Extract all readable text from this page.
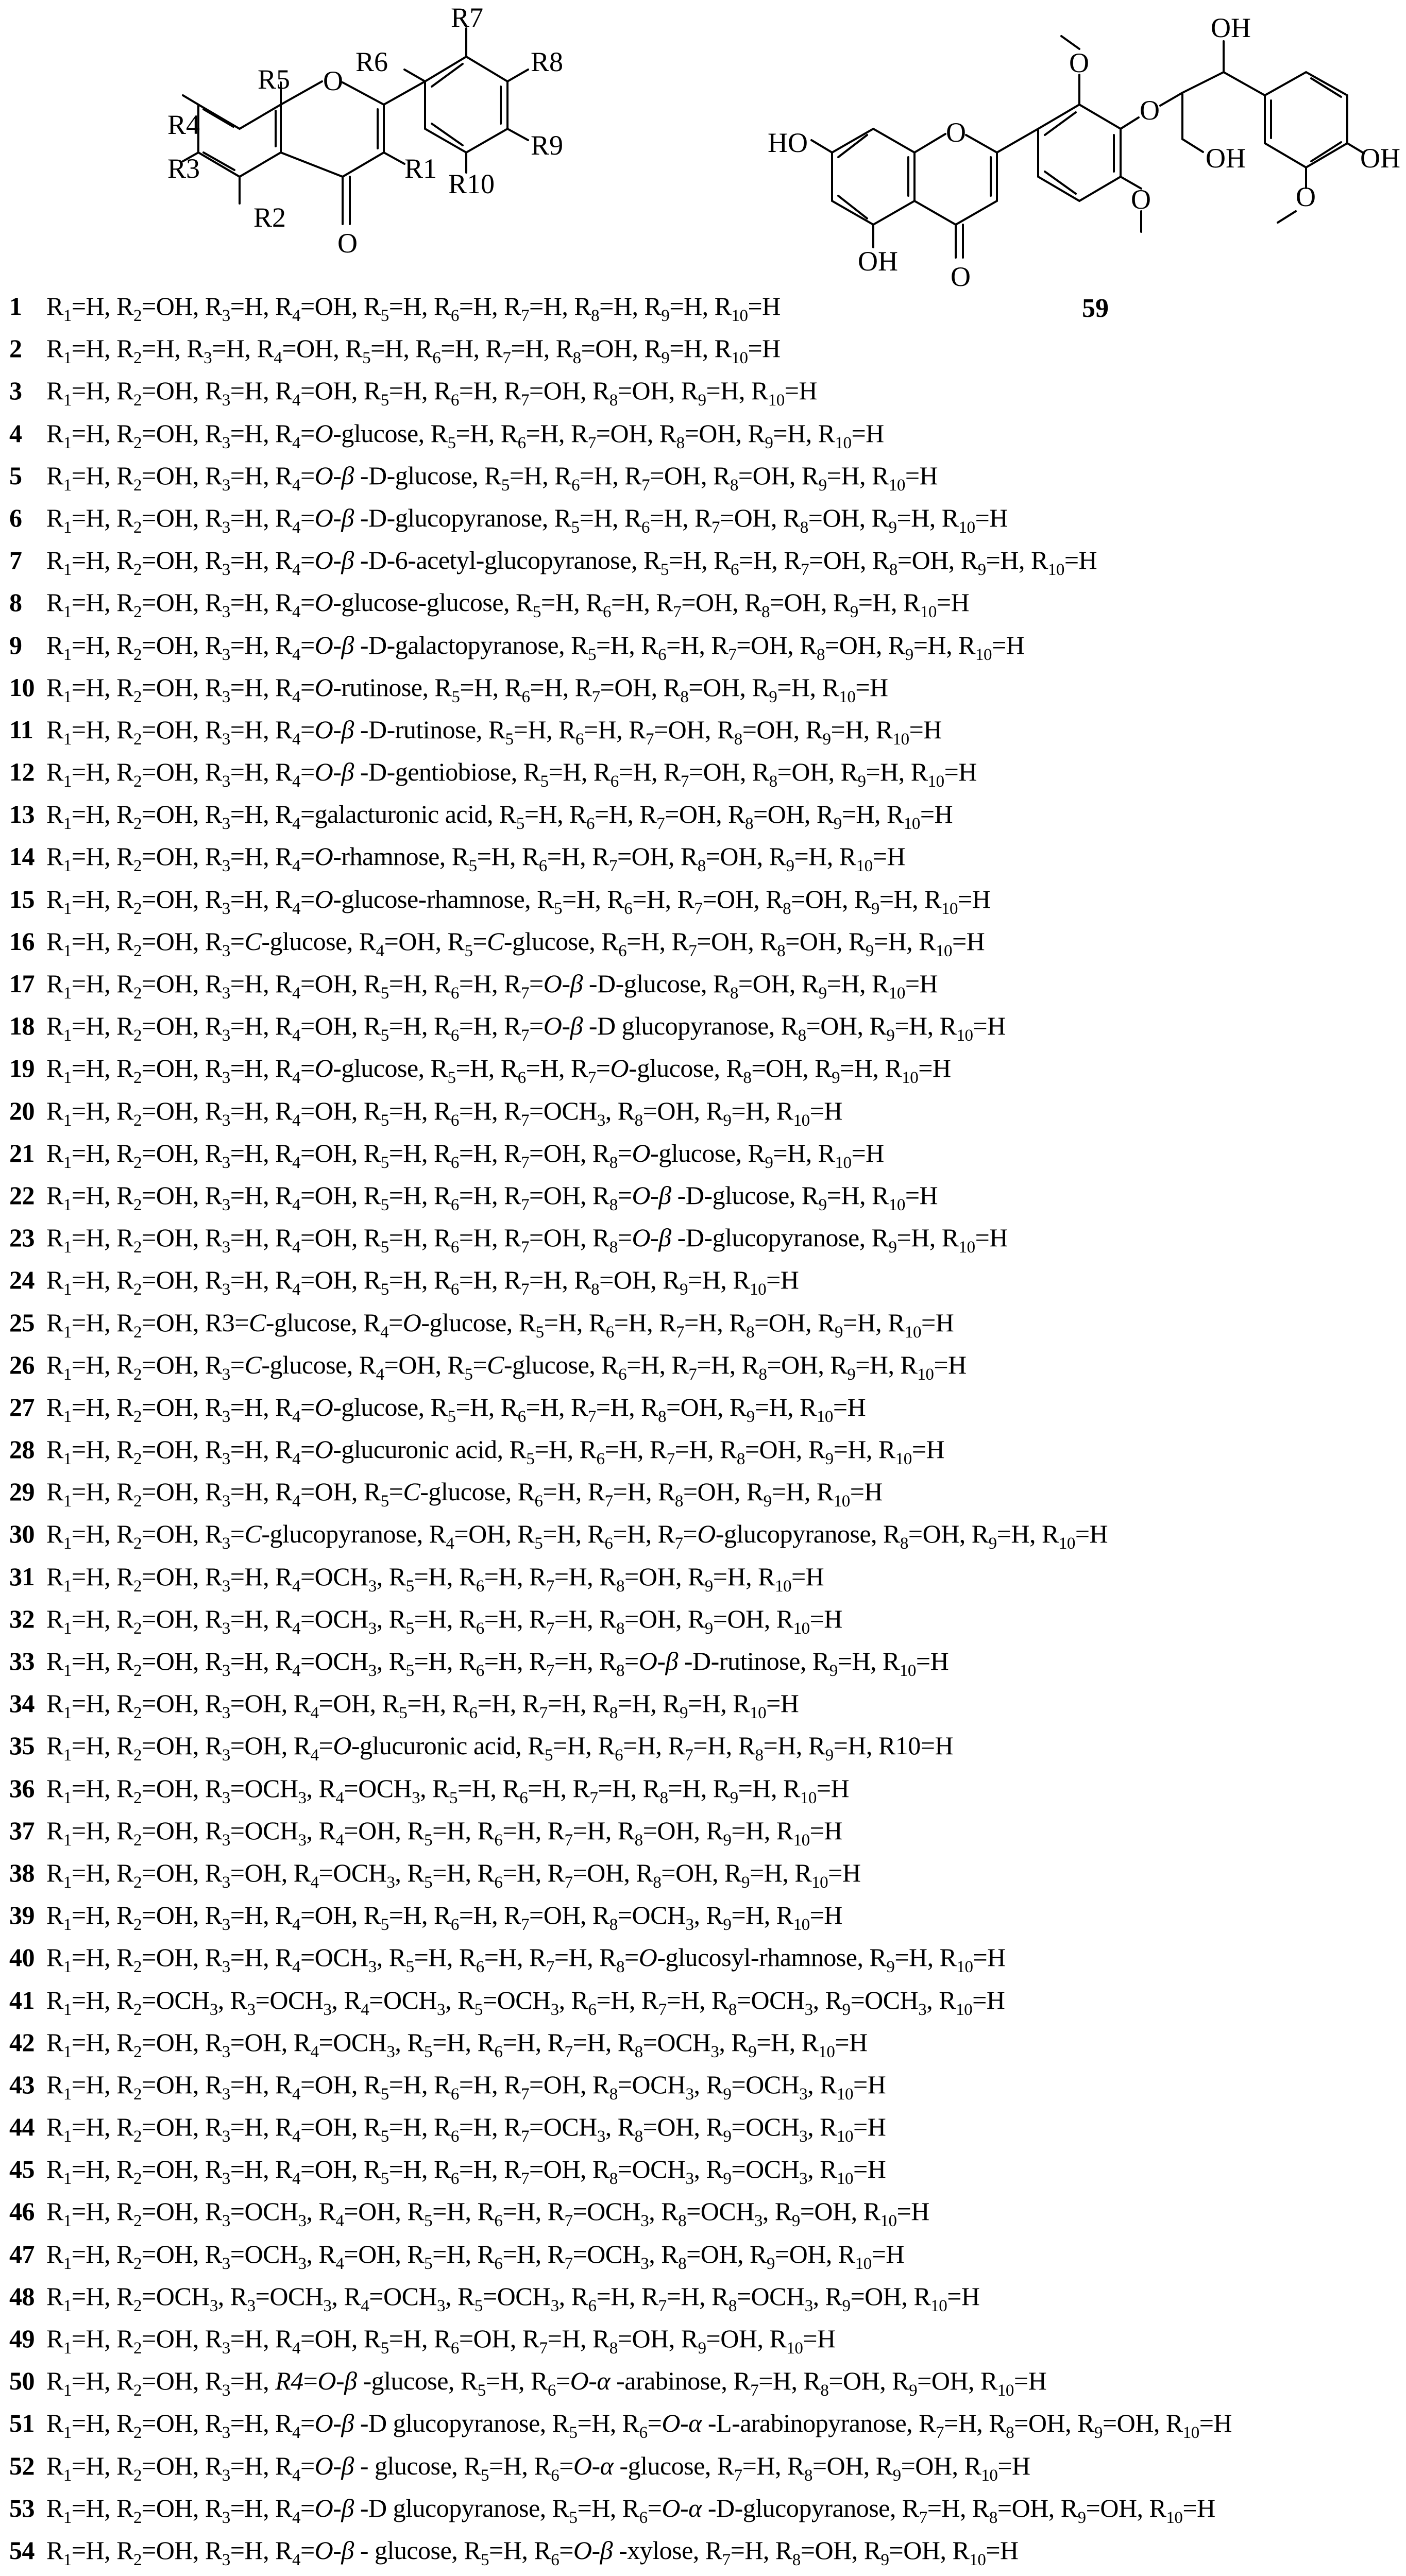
R7
R6	R8
R5
R4
O
R9
R10
R3	R1
R2
O
O
OH
O
HO	O
OH	OH
O
OH O
O
59
1 $R_1=H$, $R_2=OH$, $R_3=H$, $R_4=OH$, $R_5=H$, $R_6=H$, $R_7=H$, $R_8=H$, $R_9=H$, $R_{10}=H$
2 $R_1=H$, $R_2=H$, $R_3=H$, $R_4=OH$, $R_5=H$, $R_6=H$, $R_7=H$, $R_8=OH$, $R_9=H$, $R_{10}=H$
3 $R_1=H$, $R_2=OH$, $R_3=H$, $R_4=OH$, $R_5=H$, $R_6=H$, $R_7=OH$, $R_8=OH$, $R_9=H$, $R_{10}=H$
4 $R_1=H$, $R_2=OH$, $R_3=H$, $R_4=O$-glucose, $R_5=H$, $R_6=H$, $R_7=OH$, $R_8=OH$, $R_9=H$, $R_{10}=H$
5 $R_1=H$, $R_2=OH$, $R_3=H$, $R_4=O-\beta$ -D-glucose, $R_5=H$, $R_6=H$, $R_7=OH$, $R_8=OH$, $R_9=H$, $R_{10}=H$
6 $R_1=H$, $R_2=OH$, $R_3=H$, $R_4=O-\beta$ -D-glucopyranose, $R_5=H$, $R_6=H$, $R_7=OH$, $R_8=OH$, $R_9=H$, $R_{10}=H$
7 $R_1=H$, $R_2=OH$, $R_3=H$, $R_4=O-\beta$ -D-6-acetyl-glucopyranose, $R_5=H$, $R_6=H$, $R_7=OH$, $R_8=OH$, $R_9=H$, $R_{10}=H$
8 $R_1=H$, $R_2=OH$, $R_3=H$, $R_4=O-glucose$-glucose, $R_5=H$, $R_6=H$, $R_7=OH$, $R_8=OH$, $R_9=H$, $R_{10}=H$
9 $R_1=H$, $R_2=OH$, $R_3=H$, $R_4=O-\beta$ -D-galactopyranose, $R_5=H$, $R_6=H$, $R_7=OH$, $R_8=OH$, $R_9=H$, $R_{10}=H$
10 $R_1=H$, $R_2=OH$, $R_3=H$, $R_4=O$-rutinose, $R_5=H$, $R_6=H$, $R_7=OH$, $R_8=OH$, $R_9=H$, $R_{10}=H$
11 $R_1=H$, $R_2=OH$, $R_3=H$, $R_4=O-\beta$ -D-rutinose, $R_5=H$, $R_6=H$, $R_7=OH$, $R_8=OH$, $R_9=H$, $R_{10}=H$
12 $R_1=H$, $R_2=OH$, $R_3=H$, $R_4=O-\beta$ -D-gentiobiose, $R_5=H$, $R_6=H$, $R_7=OH$, $R_8=OH$, $R_9=H$, $R_{10}=H$
13 $R_1=H$, $R_2=OH$, $R_3=H$, $R_4=galacturonic$ acid, $R_5=H$, $R_6=H$, $R_7=OH$, $R_8=OH$, $R_9=H$, $R_{10}=H$
14 $R_1=H$, $R_2=OH$, $R_3=H$, $R_4=O$-rhamnose, $R_5=H$, $R_6=H$, $R_7=OH$, $R_8=OH$, $R_9=H$, $R_{10}=H$
15 $R_1=H$, $R_2=OH$, $R_3=H$, $R_4=O-glucose$-rhamnose, $R_5=H$, $R_6=H$, $R_7=OH$, $R_8=OH$, $R_9=H$, $R_{10}=H$
16 $R_1=H$, $R_2=OH$, $R_3=C$-glucose, $R_4=OH$, $R_5=C$-glucose, $R_6=H$, $R_7=OH$, $R_8=OH$, $R_9=H$, $R_{10}=H$
17 $R_1=H$, $R_2=OH$, $R_3=H$, $R_4=OH$, $R_5=H$, $R_6=H$, $R_7=O-\beta$ -D-glucose, $R_8=OH$, $R_9=H$, $R_{10}=H$
18 $R_1=H$, $R_2=OH$, $R_3=H$, $R_4=OH$, $R_5=H$, $R_6=H$, $R_7=O-\beta$ -D glucopyranose, $R_8=OH$, $R_9=H$, $R_{10}=H$
19 $R_1=H$, $R_2=OH$, $R_3=H$, $R_4=O$-glucose, $R_5=H$, $R_6=H$, $R_7=O$-glucose, $R_8=OH$, $R_9=H$, $R_{10}=H$
20 $R_1=H$, $R_2=OH$, $R_3=H$, $R_4=OH$, $R_5=H$, $R_6=H$, $R_7=OCH_3$, $R_8=OH$, $R_9=H$, $R_{10}=H$
21 $R_1=H$, $R_2=OH$, $R_3=H$, $R_4=OH$, $R_5=H$, $R_6=H$, $R_7=OH$, $R_8=O$-glucose, $R_9=H$, $R_{10}=H$
22 $R_1=H$, $R_2=OH$, $R_3=H$, $R_4=OH$, $R_5=H$, $R_6=H$, $R_7=OH$, $R_8=O-\beta$ -D-glucose, $R_9=H$, $R_{10}=H$
23 $R_1=H$, $R_2=OH$, $R_3=H$, $R_4=OH$, $R_5=H$, $R_6=H$, $R_7=OH$, $R_8=O-\beta$ -D-glucopyranose, $R_9=H$, $R_{10}=H$
24 $R_1=H$, $R_2=OH$, $R_3=H$, $R_4=OH$, $R_5=H$, $R_6=H$, $R_7=H$, $R_8=OH$, $R_9=H$, $R_{10}=H$
25 $R_1=H$, $R_2=OH$, R3=C-glucose, $R_4=O$-glucose, $R_5=H$, $R_6=H$, $R_7=H$, $R_8=OH$, $R_9=H$, $R_{10}=H$
26 $R_1=H$, $R_2=OH$, $R_3=C$-glucose, $R_4=OH$, $R_5=C$-glucose, $R_6=H$, $R_7=H$, $R_8=OH$, $R_9=H$, $R_{10}=H$
27 $R_1=H$, $R_2=OH$, $R_3=H$, $R_4=O$-glucose, $R_5=H$, $R_6=H$, $R_7=H$, $R_8=OH$, $R_9=H$, $R_{10}=H$
28 $R_1=H$, $R_2=OH$, $R_3=H$, $R_4=O$-glucuronic acid, $R_5=H$, $R_6=H$, $R_7=H$, $R_8=OH$, $R_9=H$, $R_{10}=H$
29 $R_1=H$, $R_2=OH$, $R_3=H$, $R_4=OH$, $R_5=C$-glucose, $R_6=H$, $R_7=H$, $R_8=OH$, $R_9=H$, $R_{10}=H$
30 $R_1=H$, $R_2=OH$, $R_3=C$-glucopyranose, $R_4=OH$, $R_5=H$, $R_6=H$, $R_7=O$-glucopyranose, $R_8=OH$, $R_9=H$, $R_{10}=H$
31 $R_1=H$, $R_2=OH$, $R_3=H$, $R_4=OCH_3$, $R_5=H$, $R_6=H$, $R_7=H$, $R_8=OH$, $R_9=H$, $R_{10}=H$
32 $R_1=H$, $R_2=OH$, $R_3=H$, $R_4=OCH_3$, $R_5=H$, $R_6=H$, $R_7=H$, $R_8=OH$, $R_9=OH$, $R_{10}=H$
33 $R_1=H$, $R_2=OH$, $R_3=H$, $R_4=OCH_3$, $R_5=H$, $R_6=H$, $R_7=H$, $R_8=O-\beta$ -D-rutinose, $R_9=H$, $R_{10}=H$
34 $R_1=H$, $R_2=OH$, $R_3=OH$, $R_4=OH$, $R_5=H$, $R_6=H$, $R_7=H$, $R_8=H$, $R_9=H$, $R_{10}=H$
35 $R_1=H$, $R_2=OH$, $R_3=OH$, $R_4=O$-glucuronic acid, $R_5=H$, $R_6=H$, $R_7=H$, $R_8=H$, $R_9=H$, R10=H
36 $R_1=H$, $R_2=OH$, $R_3=OCH_3$, $R_4=OCH_3$, $R_5=H$, $R_6=H$, $R_7=H$, $R_8=H$, $R_9=H$, $R_{10}=H$
37 $R_1=H$, $R_2=OH$, $R_3=OCH_3$, $R_4=OH$, $R_5=H$, $R_6=H$, $R_7=H$, $R_8=OH$, $R_9=H$, $R_{10}=H$
38 $R_1=H$, $R_2=OH$, $R_3=OH$, $R_4=OCH_3$, $R_5=H$, $R_6=H$, $R_7=OH$, $R_8=OH$, $R_9=H$, $R_{10}=H$
39 $R_1=H$, $R_2=OH$, $R_3=H$, $R_4=OH$, $R_5=H$, $R_6=H$, $R_7=OH$, $R_8=OCH_3$, $R_9=H$, $R_{10}=H$
40 $R_1=H$, $R_2=OH$, $R_3=H$, $R_4=OCH_3$, $R_5=H$, $R_6=H$, $R_7=H$, $R_8=O-glucosyl$-rhamnose, $R_9=H$, $R_{10}=H$
41 $R_1=H$, $R_2=OCH_3$, $R_3=OCH_3$, $R_4=OCH_3$, $R_5=OCH_3$, $R_6=H$, $R_7=H$, $R_8=OCH_3$, $R_9=OCH_3$, $R_{10}=H$
42 $R_1=H$, $R_2=OH$, $R_3=OH$, $R_4=OCH_3$, $R_5=H$, $R_6=H$, $R_7=H$, $R_8=OCH_3$, $R_9=H$, $R_{10}=H$
43 $R_1=H$, $R_2=OH$, $R_3=H$, $R_4=OH$, $R_5=H$, $R_6=H$, $R_7=OH$, $R_8=OCH_3$, $R_9=OCH_3$, $R_{10}=H$
44 $R_1=H$, $R_2=OH$, $R_3=H$, $R_4=OH$, $R_5=H$, $R_6=H$, $R_7=OCH_3$, $R_8=OH$, $R_9=OCH_3$, $R_{10}=H$
45 $R_1=H$, $R_2=OH$, $R_3=H$, $R_4=OH$, $R_5=H$, $R_6=H$, $R_7=OH$, $R_8=OCH_3$, $R_9=OCH_3$, $R_{10}=H$
46 $R_1=H$, $R_2=OH$, $R_3=OCH_3$, $R_4=OH$, $R_5=H$, $R_6=H$, $R_7=OCH_3$, $R_8=OCH_3$, $R_9=OH$, $R_{10}=H$
47 $R_1=H$, $R_2=OH$, $R_3=OCH_3$, $R_4=OH$, $R_5=H$, $R_6=H$, $R_7=OCH_3$, $R_8=OH$, $R_9=OH$, $R_{10}=H$
48 $R_1=H$, $R_2=OCH_3$, $R_3=OCH_3$, $R_4=OCH_3$, $R_5=OCH_3$, $R_6=H$, $R_7=H$, $R_8=OCH_3$, $R_9=OH$, $R_{10}=H$
49 $R_1=H$, $R_2=OH$, $R_3=H$, $R_4=OH$, $R_5=H$, $R_6=OH$, $R_7=H$, $R_8=OH$, $R_9=OH$, $R_{10}=H$
50 $R_1=H$, $R_2=OH$, $R_3=H$, R4=O-β -glucose, $R_5=H$, $R_6=O-\alpha$ -arabinose, $R_7=H$, $R_8=OH$, $R_9=OH$, $R_{10}=H$
51 $R_1=H$, $R_2=OH$, $R_3=H$, $R_4=O-\beta$ -D glucopyranose, $R_5=H$, $R_6=O-\alpha$ -L-arabinopyranose, $R_7=H$, $R_8=OH$, $R_9=OH$, $R_{10}=H$
52 $R_1=H$, $R_2=OH$, $R_3=H$, $R_4=O-\beta - glucose$, $R_5=H$, $R_6=O-\alpha$ -glucose, $R_7=H$, $R_8=OH$, $R_9=OH$, $R_{10}=H$
53 $R_1=H$, $R_2=OH$, $R_3=H$, $R_4=O-\beta$ -D glucopyranose, $R_5=H$, $R_6=O-\alpha$ -D-glucopyranose, $R_7=H$, $R_8=OH$, $R_9=OH$, $R_{10}=H$
54 $R_1=H$, $R_2=OH$, $R_3=H$, $R_4=O-\beta - glucose$, $R_5=H$, $R_6=O-\beta$ -xylose, $R_7=H$, $R_8=OH$, $R_9=OH$, $R_{10}=H$
